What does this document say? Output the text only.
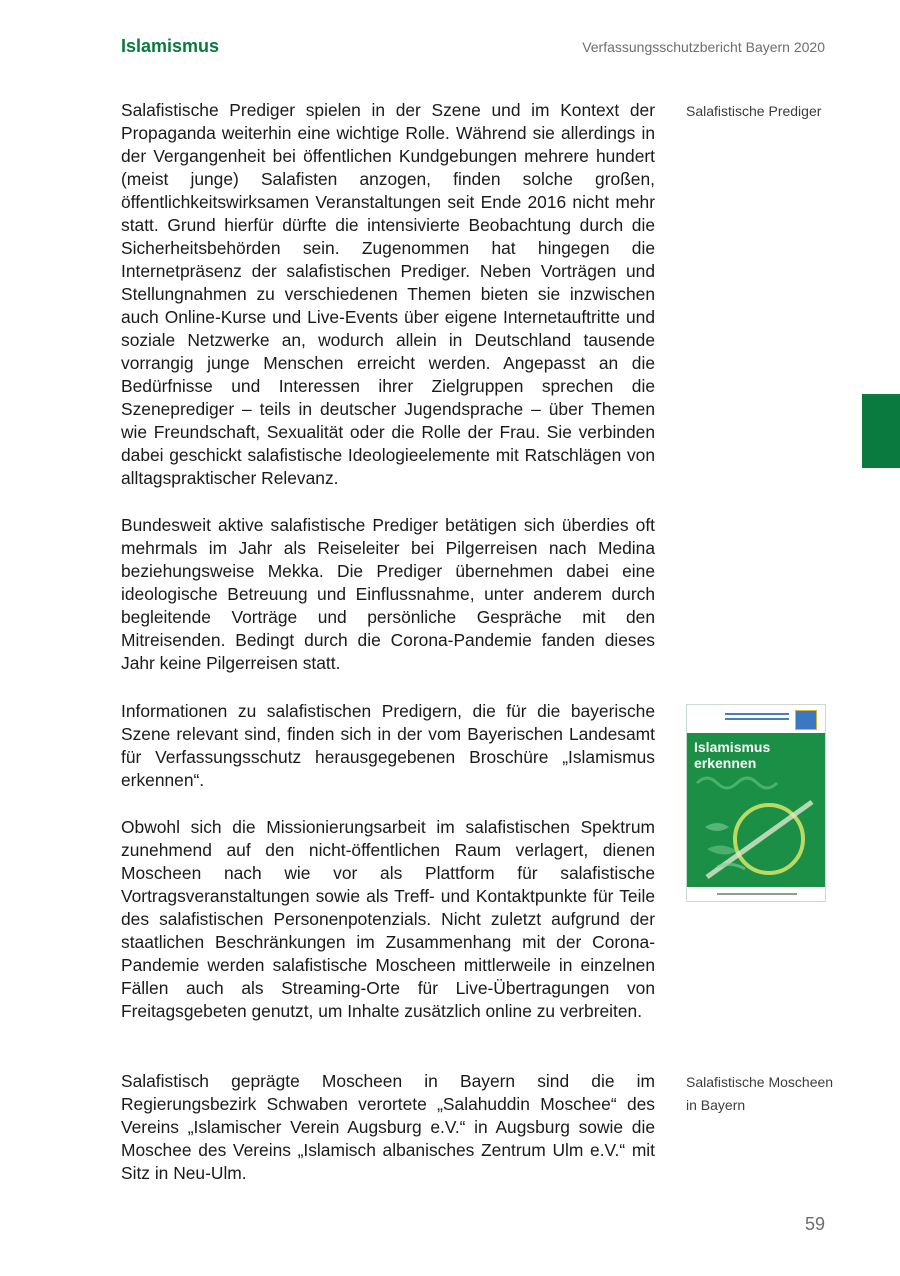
Islamismus	Verfassungsschutzbericht Bayern 2020

Salafistische Prediger spielen in der Szene und im Kontext der Propaganda weiterhin eine wichtige Rolle. Während sie allerdings in der Vergangenheit bei öffentlichen Kundgebungen mehrere hundert (meist junge) Salafisten anzogen, finden solche großen, öffentlichkeitswirksamen Veranstaltungen seit Ende 2016 nicht mehr statt. Grund hierfür dürfte die intensivierte Beobachtung durch die Sicherheitsbehörden sein. Zugenommen hat hingegen die Internetpräsenz der salafistischen Prediger. Neben Vorträgen und Stellungnahmen zu verschiedenen Themen bieten sie inzwischen auch Online-Kurse und Live-Events über eigene Internetauftritte und soziale Netzwerke an, wodurch allein in Deutschland tausende vorrangig junge Menschen erreicht werden. Angepasst an die Bedürfnisse und Interessen ihrer Zielgruppen sprechen die Szeneprediger – teils in deutscher Jugendsprache – über Themen wie Freundschaft, Sexualität oder die Rolle der Frau. Sie verbinden dabei geschickt salafistische Ideologieelemente mit Ratschlägen von alltagspraktischer Relevanz.

Bundesweit aktive salafistische Prediger betätigen sich überdies oft mehrmals im Jahr als Reiseleiter bei Pilgerreisen nach Medina beziehungsweise Mekka. Die Prediger übernehmen dabei eine ideologische Betreuung und Einflussnahme, unter anderem durch begleitende Vorträge und persönliche Gespräche mit den Mitreisenden. Bedingt durch die Corona-Pandemie fanden dieses Jahr keine Pilgerreisen statt.

Informationen zu salafistischen Predigern, die für die bayerische Szene relevant sind, finden sich in der vom Bayerischen Landesamt für Verfassungsschutz herausgegebenen Broschüre „Islamismus erkennen“.

Obwohl sich die Missionierungsarbeit im salafistischen Spektrum zunehmend auf den nicht-öffentlichen Raum verlagert, dienen Moscheen nach wie vor als Plattform für salafistische Vortragsveranstaltungen sowie als Treff- und Kontaktpunkte für Teile des salafistischen Personenpotenzials. Nicht zuletzt aufgrund der staatlichen Beschränkungen im Zusammenhang mit der Corona-Pandemie werden salafistische Moscheen mittlerweile in einzelnen Fällen auch als Streaming-Orte für Live-Übertragungen von Freitagsgebeten genutzt, um Inhalte zusätzlich online zu verbreiten.

Salafistisch geprägte Moscheen in Bayern sind die im Regierungsbezirk Schwaben verortete „Salahuddin Moschee“ des Vereins „Islamischer Verein Augsburg e.V.“ in Augsburg sowie die Moschee des Vereins „Islamisch albanisches Zentrum Ulm e.V.“ mit Sitz in Neu-Ulm.

Salafistische Prediger

Salafistische Moscheen in Bayern

Islamismus erkennen
59
